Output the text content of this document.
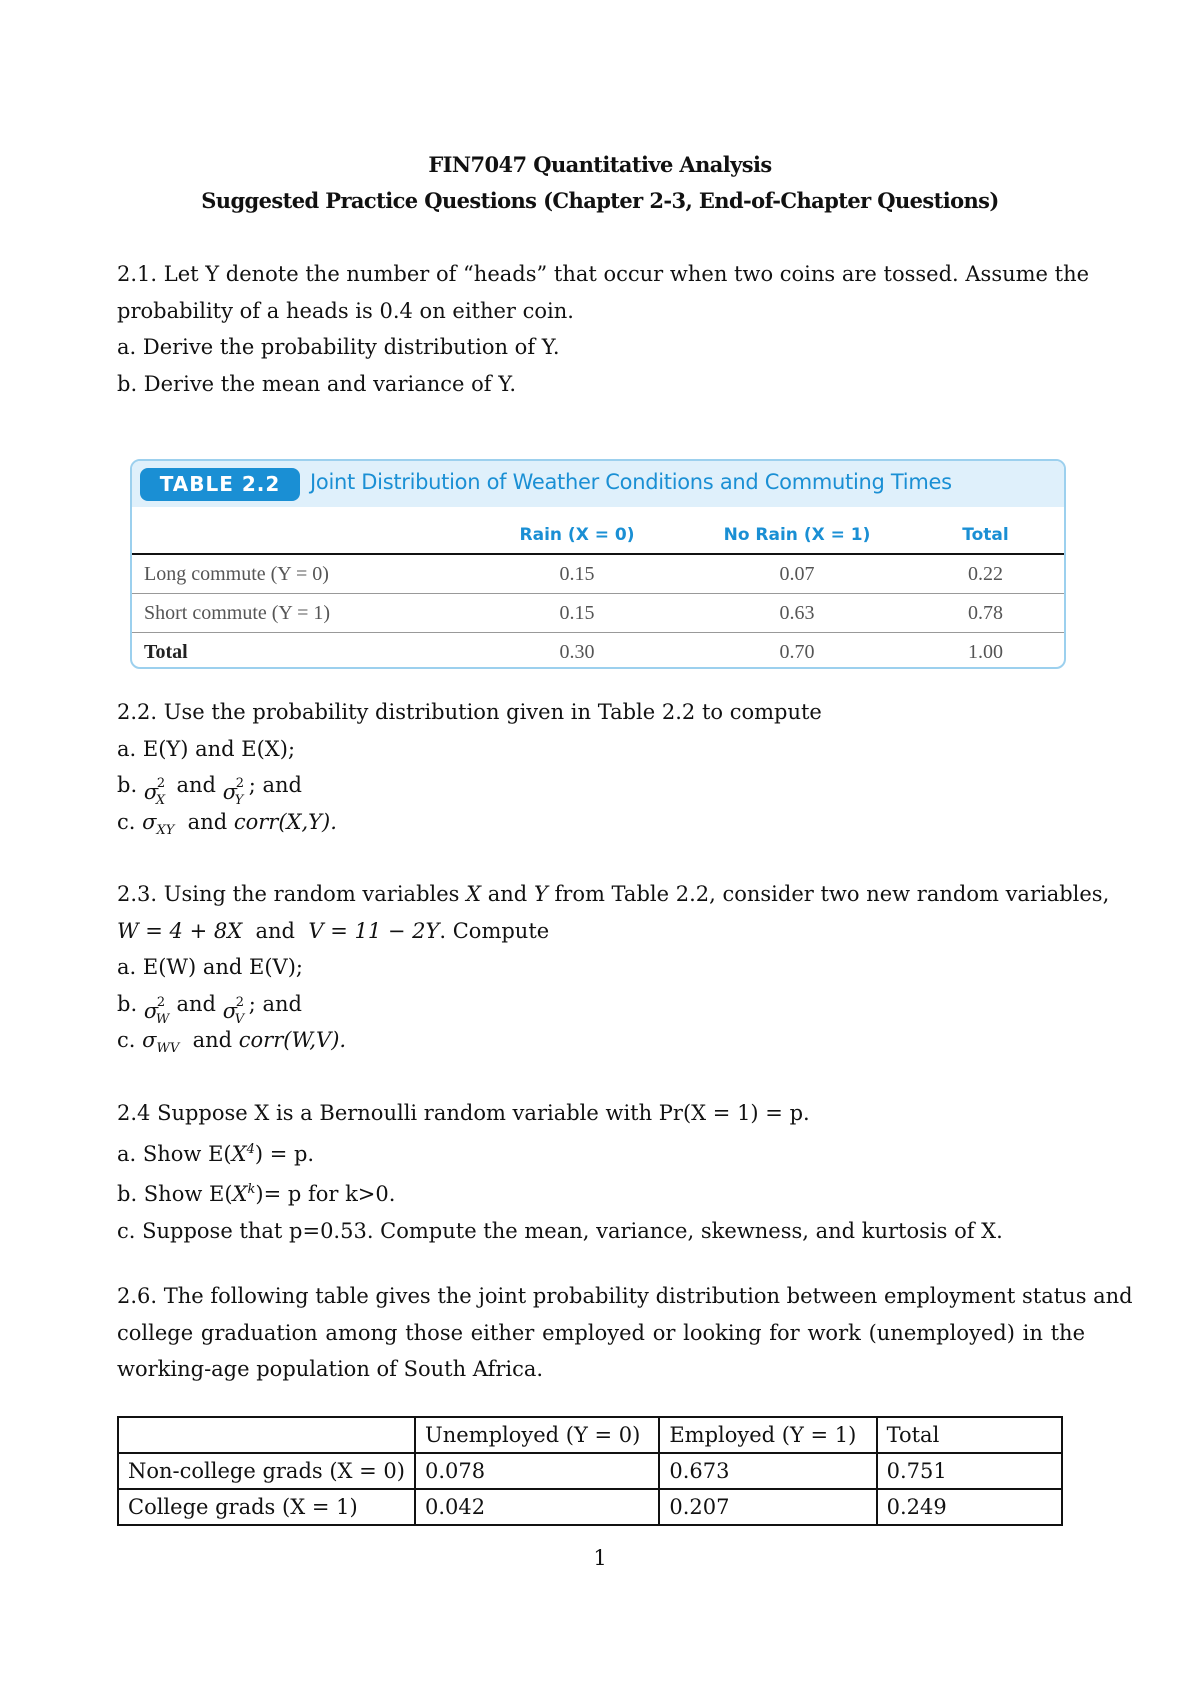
FIN7047 Quantitative Analysis
Suggested Practice Questions (Chapter 2-3, End-of-Chapter Questions)
2.1. Let Y denote the number of “heads” that occur when two coins are tossed. Assume the
probability of a heads is 0.4 on either coin.
a. Derive the probability distribution of Y.
b. Derive the mean and variance of Y.
TABLE 2.2	Joint Distribution of Weather Conditions and Commuting Times
	Rain (X = 0)	No Rain (X = 1)	Total
Long commute (Y = 0)	0.15	0.07	0.22
Short commute (Y = 1)	0.15	0.63	0.78
Total	0.30	0.70	1.00
2.2. Use the probability distribution given in Table 2.2 to compute
a. E(Y) and E(X);
b. σ
2
X
and σ
2
Y
; and
c. $\sigma_{XY}$ and corr(X,Y).
2.3. Using the random variables X and Y from Table 2.2, consider two new random variables,
W = 4 + 8X and V = 11 − 2Y. Compute
a. E(W) and E(V);
b. σ
2
W
and σ
2
V
; and
c. $\sigma_{WV}$ and corr(W,V).
2.4 Suppose X is a Bernoulli random variable with Pr(X = 1) = p.
a. Show $E(X^4) = p$.
b. Show $E(X^k)= p$ for k>0.
c. Suppose that p=0.53. Compute the mean, variance, skewness, and kurtosis of X.
2.6. The following table gives the joint probability distribution between employment status and
college graduation among those either employed or looking for work (unemployed) in the
working-age population of South Africa.
	Unemployed (Y = 0)	Employed (Y = 1)	Total
Non-college grads (X = 0)	0.078	0.673	0.751
College grads (X = 1)	0.042	0.207	0.249
1
